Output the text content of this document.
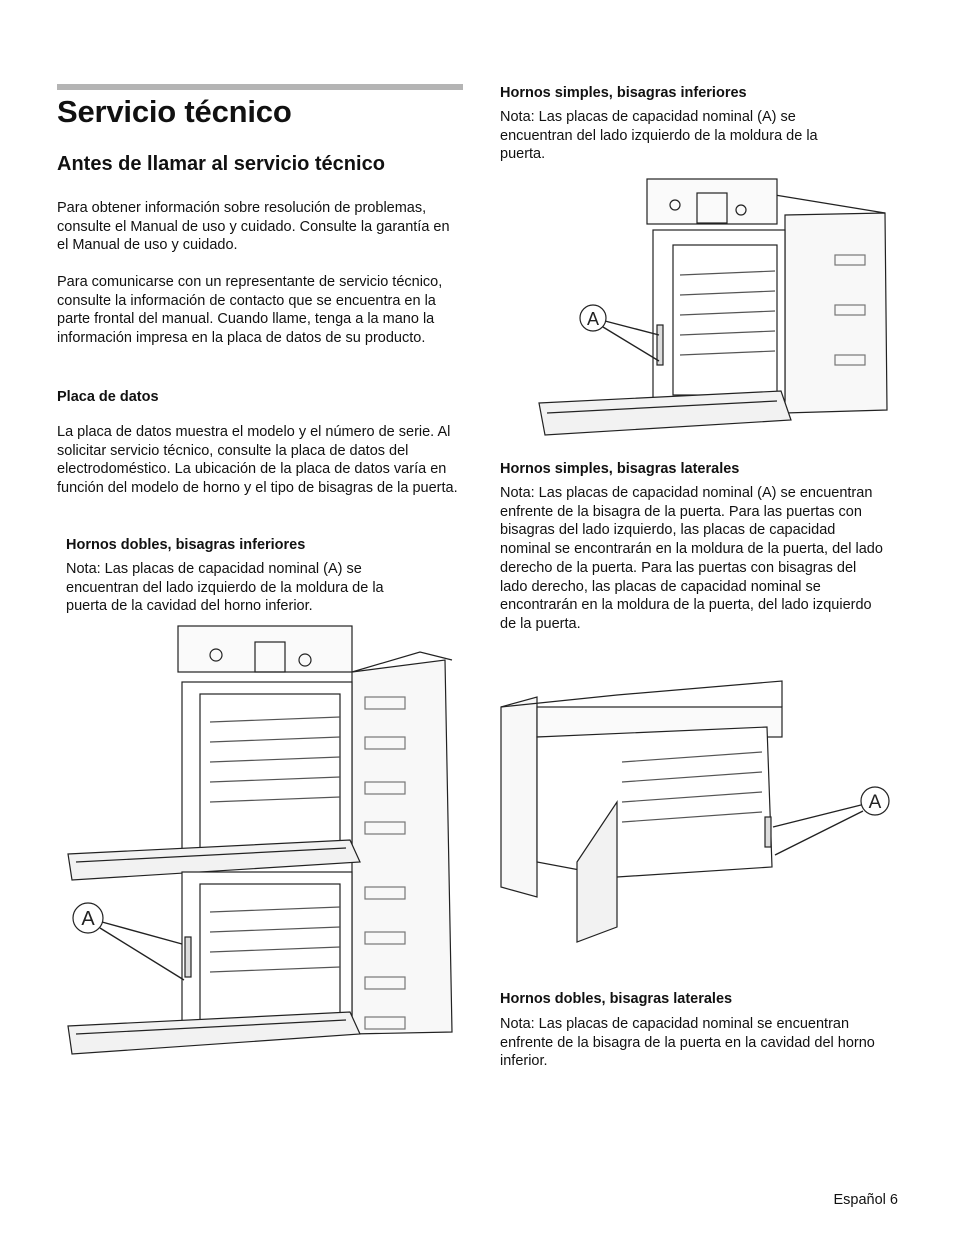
Servicio técnico
Antes de llamar al servicio técnico

Para obtener información sobre resolución de problemas, consulte el Manual de uso y cuidado. Consulte la garantía en el Manual de uso y cuidado.

Para comunicarse con un representante de servicio técnico, consulte la información de contacto que se encuentra en la parte frontal del manual. Cuando llame, tenga a la mano la información impresa en la placa de datos de su producto.

Placa de datos

La placa de datos muestra el modelo y el número de serie. Al solicitar servicio técnico, consulte la placa de datos del electrodoméstico. La ubicación de la placa de datos varía en función del modelo de horno y el tipo de bisagras de la puerta.

Hornos dobles, bisagras inferiores

Nota: Las placas de capacidad nominal (A) se encuentran del lado izquierdo de la moldura de la puerta de la cavidad del horno inferior.

A
Hornos simples, bisagras inferiores

Nota: Las placas de capacidad nominal (A) se encuentran del lado izquierdo de la moldura de la puerta.

A
Hornos simples, bisagras laterales

Nota: Las placas de capacidad nominal (A) se encuentran enfrente de la bisagra de la puerta. Para las puertas con bisagras del lado izquierdo, las placas de capacidad nominal se encontrarán en la moldura de la puerta, del lado derecho de la puerta. Para las puertas con bisagras del lado derecho, las placas de capacidad nominal se encontrarán en la moldura de la puerta, del lado izquierdo de la puerta.

A
Hornos dobles, bisagras laterales

Nota: Las placas de capacidad nominal se encuentran enfrente de la bisagra de la puerta en la cavidad del horno inferior.

Español 6
